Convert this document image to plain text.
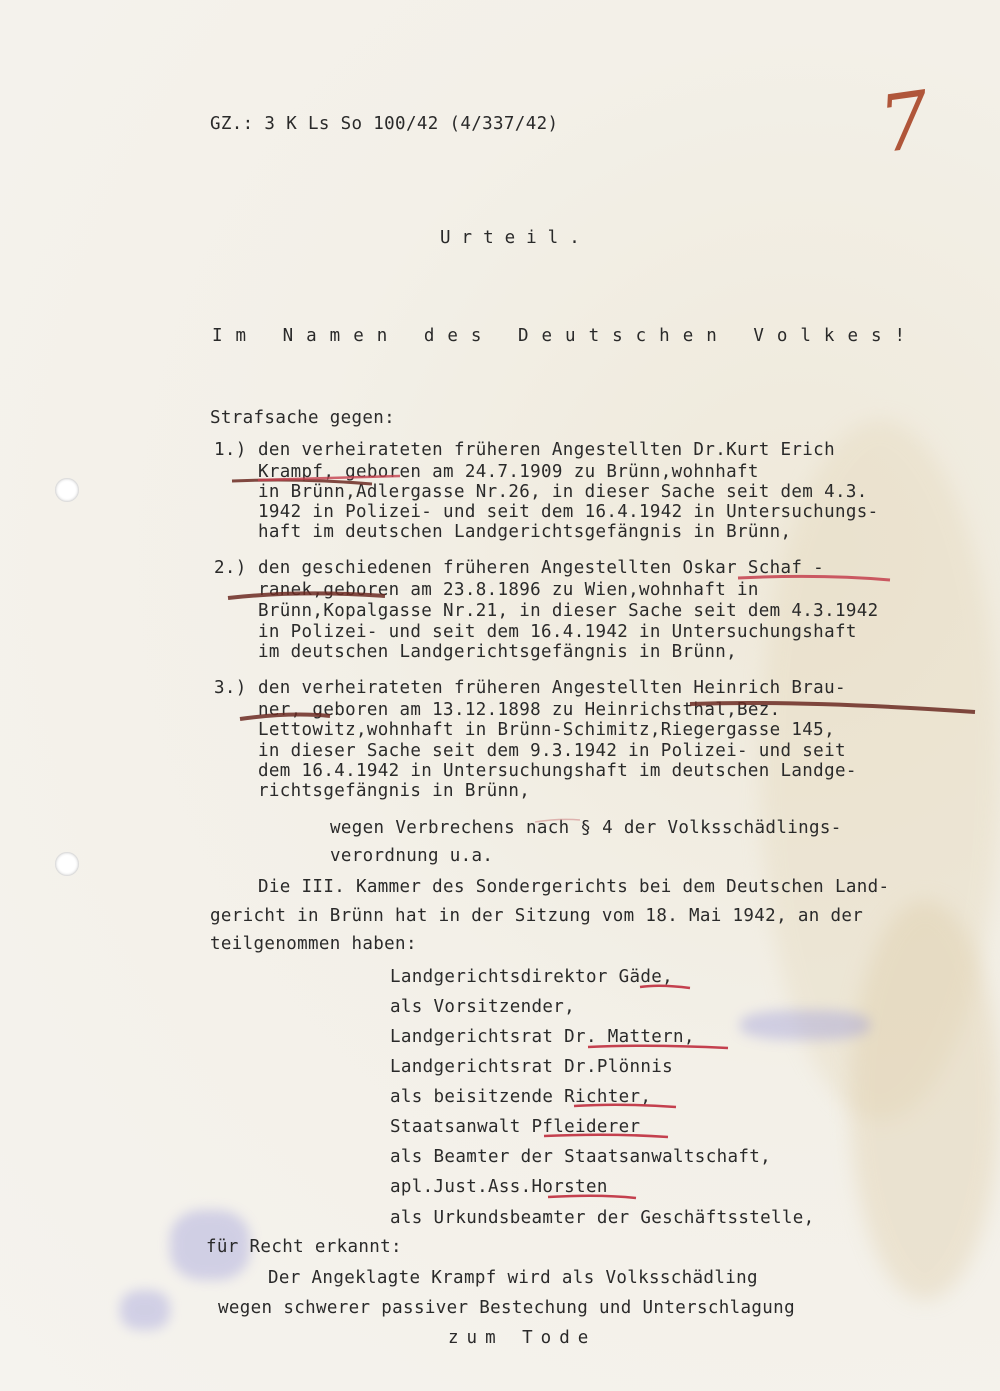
GZ.: 3 K Ls So 100/42 (4/337/42)	7
Urteil.
Im Namen des Deutschen Volkes!
Strafsache gegen:
1.) den verheirateten früheren Angestellten Dr.Kurt Erich
Krampf, geboren am 24.7.1909 zu Brünn,wohnhaft
in Brünn,Adlergasse Nr.26, in dieser Sache seit dem 4.3.
1942 in Polizei- und seit dem 16.4.1942 in Untersuchungs-
haft im deutschen Landgerichtsgefängnis in Brünn,
2.) den geschiedenen früheren Angestellten Oskar Schaf -
ranek,geboren am 23.8.1896 zu Wien,wohnhaft in
Brünn,Kopalgasse Nr.21, in dieser Sache seit dem 4.3.1942
in Polizei- und seit dem 16.4.1942 in Untersuchungshaft
im deutschen Landgerichtsgefängnis in Brünn,
3.) den verheirateten früheren Angestellten Heinrich Brau-
ner, geboren am 13.12.1898 zu Heinrichsthal,Bez.
Lettowitz,wohnhaft in Brünn-Schimitz,Riegergasse 145,
in dieser Sache seit dem 9.3.1942 in Polizei- und seit
dem 16.4.1942 in Untersuchungshaft im deutschen Landge-
richtsgefängnis in Brünn,
wegen Verbrechens nach § 4 der Volksschädlings-
verordnung u.a.
Die III. Kammer des Sondergerichts bei dem Deutschen Land-
gericht in Brünn hat in der Sitzung vom 18. Mai 1942, an der
teilgenommen haben:
Landgerichtsdirektor Gäde,
als Vorsitzender,
Landgerichtsrat Dr. Mattern,
Landgerichtsrat Dr.Plönnis
als beisitzende Richter,
Staatsanwalt Pfleiderer
als Beamter der Staatsanwaltschaft,
apl.Just.Ass.Horsten
als Urkundsbeamter der Geschäftsstelle,
für Recht erkannt:
Der Angeklagte Krampf wird als Volksschädling
wegen schwerer passiver Bestechung und Unterschlagung
zum Tode
